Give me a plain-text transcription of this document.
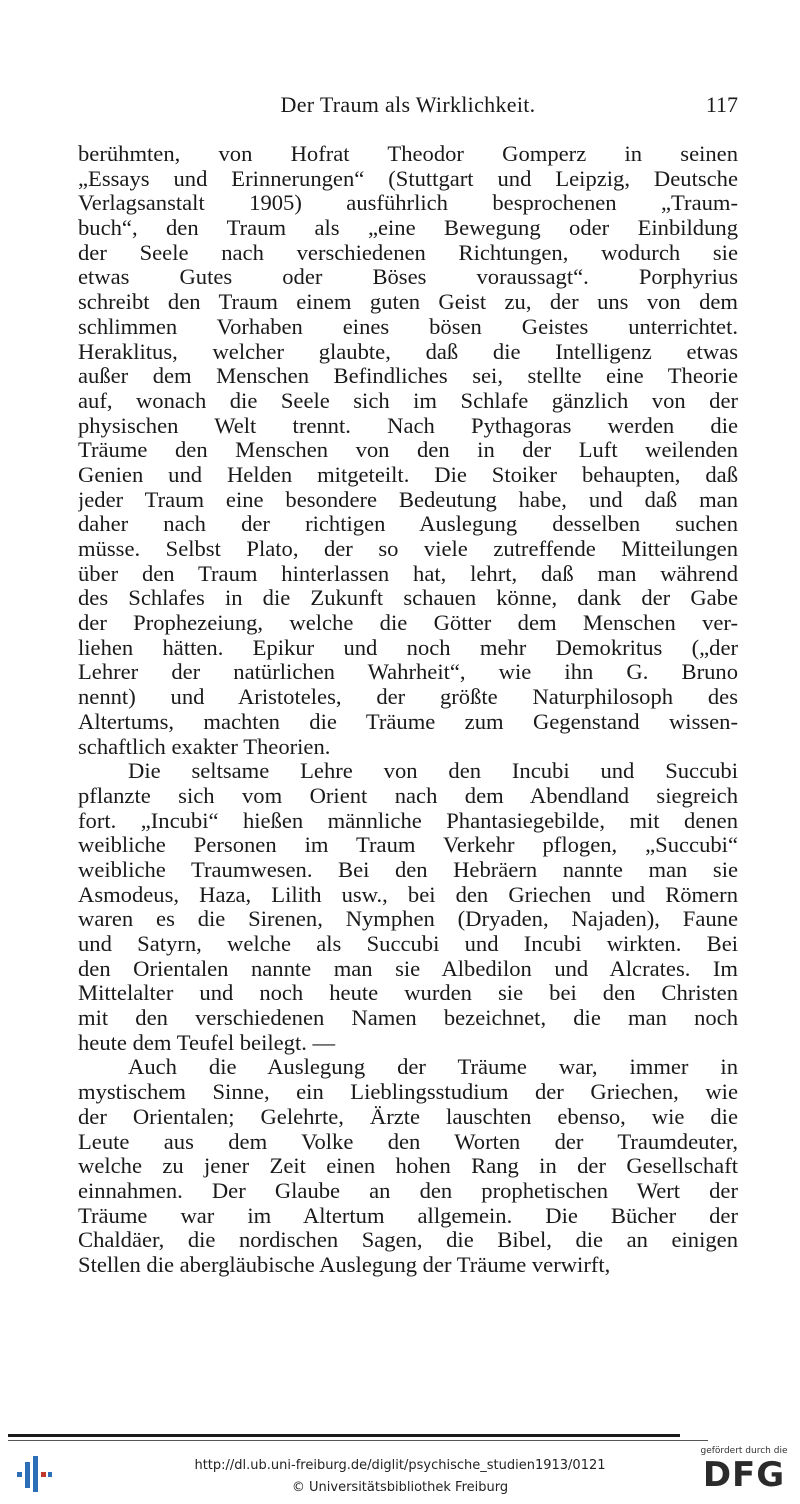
Der Traum als Wirklichkeit.	117
berühmten, von Hofrat Theodor Gomperz in seinen
„Essays und Erinnerungen“ (Stuttgart und Leipzig, Deutsche
Verlagsanstalt 1905) ausführlich besprochenen „Traum-
buch“, den Traum als „eine Bewegung oder Einbildung
der Seele nach verschiedenen Richtungen, wodurch sie
etwas Gutes oder Böses voraussagt“. Porphyrius
schreibt den Traum einem guten Geist zu, der uns von dem
schlimmen Vorhaben eines bösen Geistes unterrichtet.
Heraklitus, welcher glaubte, daß die Intelligenz etwas
außer dem Menschen Befindliches sei, stellte eine Theorie
auf, wonach die Seele sich im Schlafe gänzlich von der
physischen Welt trennt. Nach Pythagoras werden die
Träume den Menschen von den in der Luft weilenden
Genien und Helden mitgeteilt. Die Stoiker behaupten, daß
jeder Traum eine besondere Bedeutung habe, und daß man
daher nach der richtigen Auslegung desselben suchen
müsse. Selbst Plato, der so viele zutreffende Mitteilungen
über den Traum hinterlassen hat, lehrt, daß man während
des Schlafes in die Zukunft schauen könne, dank der Gabe
der Prophezeiung, welche die Götter dem Menschen ver-
liehen hätten. Epikur und noch mehr Demokritus („der
Lehrer der natürlichen Wahrheit“, wie ihn G. Bruno
nennt) und Aristoteles, der größte Naturphilosoph des
Altertums, machten die Träume zum Gegenstand wissen-
schaftlich exakter Theorien.
Die seltsame Lehre von den Incubi und Succubi
pflanzte sich vom Orient nach dem Abendland siegreich
fort. „Incubi“ hießen männliche Phantasiegebilde, mit denen
weibliche Personen im Traum Verkehr pflogen, „Succubi“
weibliche Traumwesen. Bei den Hebräern nannte man sie
Asmodeus, Haza, Lilith usw., bei den Griechen und Römern
waren es die Sirenen, Nymphen (Dryaden, Najaden), Faune
und Satyrn, welche als Succubi und Incubi wirkten. Bei
den Orientalen nannte man sie Albedilon und Alcrates. Im
Mittelalter und noch heute wurden sie bei den Christen
mit den verschiedenen Namen bezeichnet, die man noch
heute dem Teufel beilegt. —
Auch die Auslegung der Träume war, immer in
mystischem Sinne, ein Lieblingsstudium der Griechen, wie
der Orientalen; Gelehrte, Ärzte lauschten ebenso, wie die
Leute aus dem Volke den Worten der Traumdeuter,
welche zu jener Zeit einen hohen Rang in der Gesellschaft
einnahmen. Der Glaube an den prophetischen Wert der
Träume war im Altertum allgemein. Die Bücher der
Chaldäer, die nordischen Sagen, die Bibel, die an einigen
Stellen die abergläubische Auslegung der Träume verwirft,
http://dl.ub.uni-freiburg.de/diglit/psychische_studien1913/0121
© Universitätsbibliothek Freiburg
gefördert durch die
DFG
